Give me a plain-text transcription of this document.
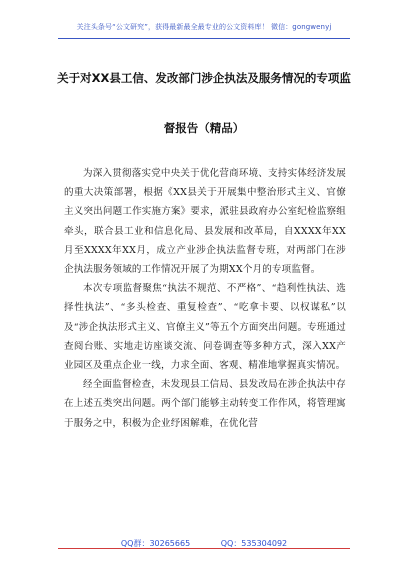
关注头条号“公文研究”，获得最新最全最专业的公文资料库！ 微信：gongwenyj
关于对XX县工信、发改部门涉企执法及服务情况的专项监
督报告（精品）

为深入贯彻落实党中央关于优化营商环境、支持实体经济发展的重大决策部署，根据《XX县关于开展集中整治形式主义、官僚主义突出问题工作实施方案》要求，派驻县政府办公室纪检监察组牵头，联合县工业和信息化局、县发展和改革局，自XXXX年XX月至XXXX年XX月，成立产业涉企执法监督专班，对两部门在涉企执法服务领域的工作情况开展了为期XX个月的专项监督。

本次专项监督聚焦“执法不规范、不严格”、“趋利性执法、选择性执法”、“多头检查、重复检查”、“吃拿卡要、以权谋私”以及“涉企执法形式主义、官僚主义”等五个方面突出问题。专班通过查阅台账、实地走访座谈交流、问卷调查等多种方式，深入XX产业园区及重点企业一线，力求全面、客观、精准地掌握真实情况。

经全面监督检查，未发现县工信局、县发改局在涉企执法中存在上述五类突出问题。两个部门能够主动转变工作作风，将管理寓于服务之中，积极为企业纾困解难，在优化营

QQ群：30265665	QQ：535304092
